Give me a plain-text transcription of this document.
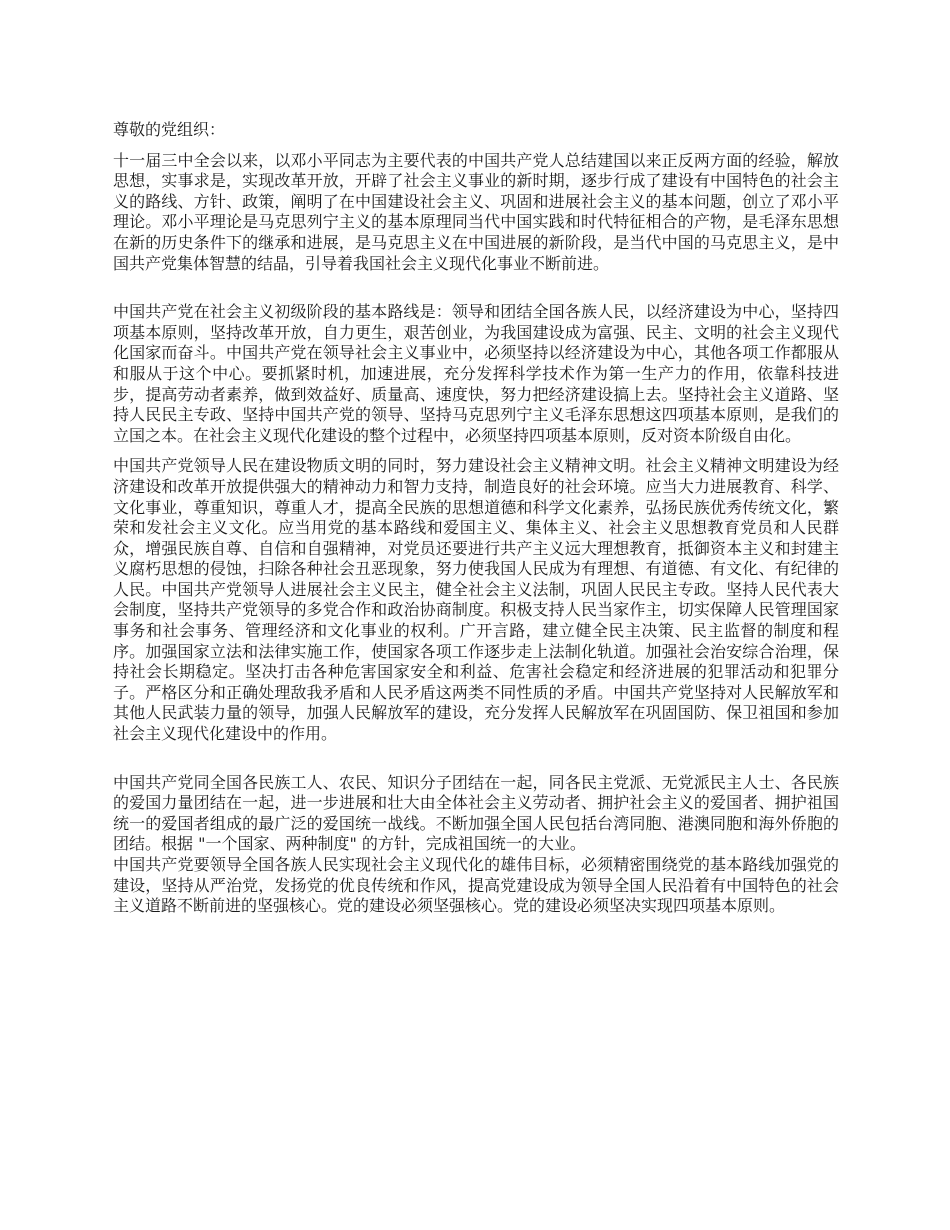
尊敬的党组织：

十一届三中全会以来，以邓小平同志为主要代表的中国共产党人总结建国以来正反两方面的经验，解放思想，实事求是，实现改革开放，开辟了社会主义事业的新时期，逐步行成了建设有中国特色的社会主义的路线、方针、政策，阐明了在中国建设社会主义、巩固和进展社会主义的基本问题，创立了邓小平理论。邓小平理论是马克思列宁主义的基本原理同当代中国实践和时代特征相合的产物，是毛泽东思想在新的历史条件下的继承和进展，是马克思主义在中国进展的新阶段，是当代中国的马克思主义，是中国共产党集体智慧的结晶，引导着我国社会主义现代化事业不断前进。

中国共产党在社会主义初级阶段的基本路线是：领导和团结全国各族人民，以经济建设为中心，坚持四项基本原则，坚持改革开放，自力更生，艰苦创业，为我国建设成为富强、民主、文明的社会主义现代化国家而奋斗。中国共产党在领导社会主义事业中，必须坚持以经济建设为中心，其他各项工作都服从和服从于这个中心。要抓紧时机，加速进展，充分发挥科学技术作为第一生产力的作用，依靠科技进步，提高劳动者素养，做到效益好、质量高、速度快，努力把经济建设搞上去。坚持社会主义道路、坚持人民民主专政、坚持中国共产党的领导、坚持马克思列宁主义毛泽东思想这四项基本原则，是我们的立国之本。在社会主义现代化建设的整个过程中，必须坚持四项基本原则，反对资本阶级自由化。

中国共产党领导人民在建设物质文明的同时，努力建设社会主义精神文明。社会主义精神文明建设为经济建设和改革开放提供强大的精神动力和智力支持，制造良好的社会环境。应当大力进展教育、科学、文化事业，尊重知识，尊重人才，提高全民族的思想道德和科学文化素养，弘扬民族优秀传统文化，繁荣和发社会主义文化。应当用党的基本路线和爱国主义、集体主义、社会主义思想教育党员和人民群众，增强民族自尊、自信和自强精神，对党员还要进行共产主义远大理想教育，抵御资本主义和封建主义腐朽思想的侵蚀，扫除各种社会丑恶现象，努力使我国人民成为有理想、有道德、有文化、有纪律的人民。中国共产党领导人进展社会主义民主，健全社会主义法制，巩固人民民主专政。坚持人民代表大会制度，坚持共产党领导的多党合作和政治协商制度。积极支持人民当家作主，切实保障人民管理国家事务和社会事务、管理经济和文化事业的权利。广开言路，建立健全民主决策、民主监督的制度和程序。加强国家立法和法律实施工作，使国家各项工作逐步走上法制化轨道。加强社会治安综合治理，保持社会长期稳定。坚决打击各种危害国家安全和利益、危害社会稳定和经济进展的犯罪活动和犯罪分子。严格区分和正确处理敌我矛盾和人民矛盾这两类不同性质的矛盾。中国共产党坚持对人民解放军和其他人民武装力量的领导，加强人民解放军的建设，充分发挥人民解放军在巩固国防、保卫祖国和参加社会主义现代化建设中的作用。

中国共产党同全国各民族工人、农民、知识分子团结在一起，同各民主党派、无党派民主人士、各民族的爱国力量团结在一起，进一步进展和壮大由全体社会主义劳动者、拥护社会主义的爱国者、拥护祖国统一的爱国者组成的最广泛的爱国统一战线。不断加强全国人民包括台湾同胞、港澳同胞和海外侨胞的团结。根据 "一个国家、两种制度" 的方针，完成祖国统一的大业。

中国共产党要领导全国各族人民实现社会主义现代化的雄伟目标，必须精密围绕党的基本路线加强党的建设，坚持从严治党，发扬党的优良传统和作风，提高党建设成为领导全国人民沿着有中国特色的社会主义道路不断前进的坚强核心。党的建设必须坚强核心。党的建设必须坚决实现四项基本原则。
